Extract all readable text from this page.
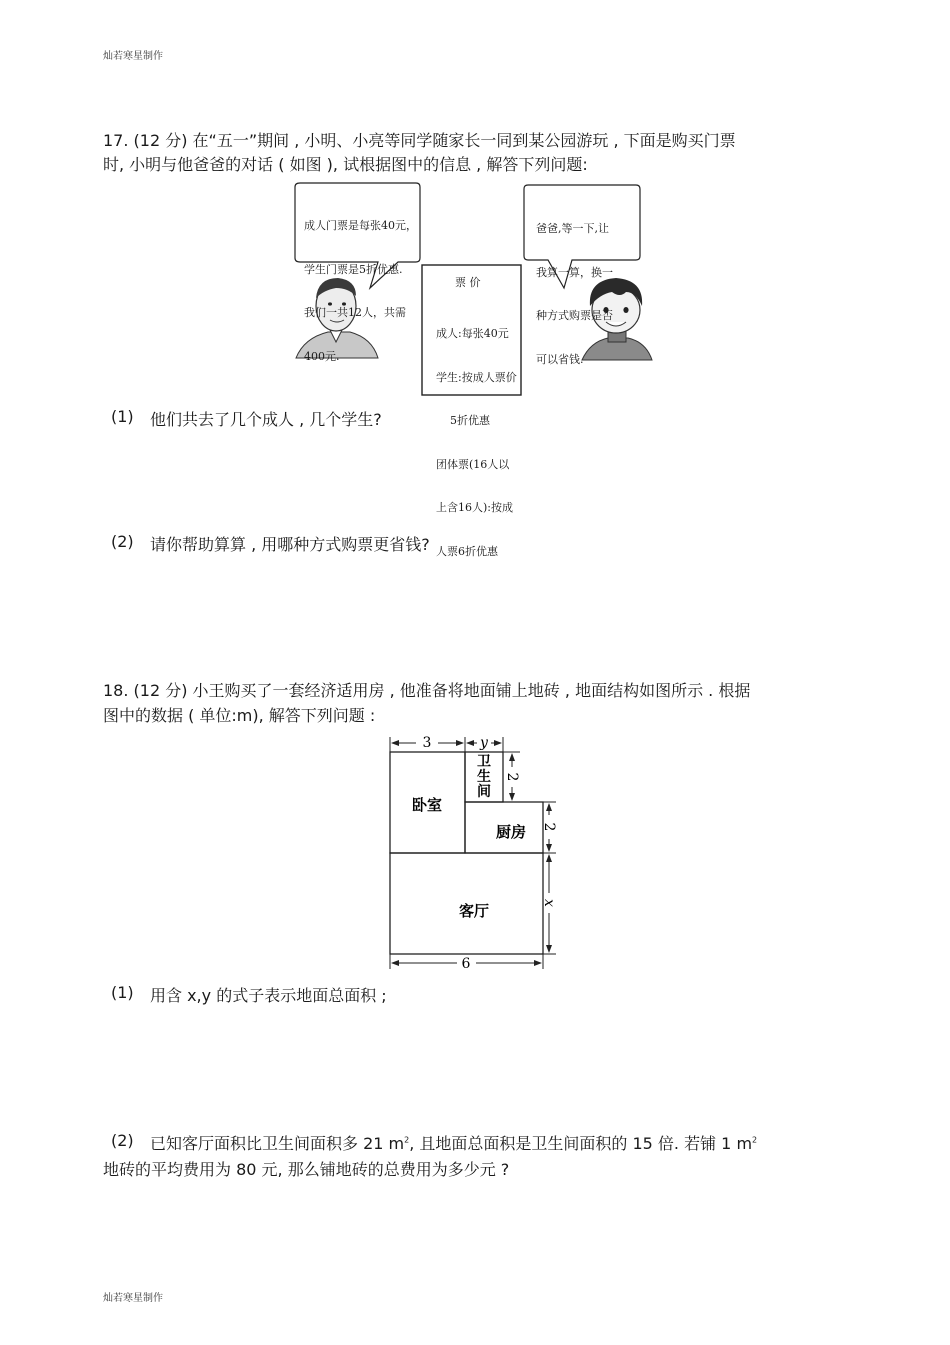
灿若寒星制作
灿若寒星制作
17. (12 分) 在“五一”期间 , 小明、小亮等同学随家长一同到某公园游玩 , 下面是购买门票
时, 小明与他爸爸的对话 ( 如图 ), 试根据图中的信息 , 解答下列问题:

成人门票是每张40元，

学生门票是5折优惠.

我们一共12人，共需

400元.

爸爸,等一下,让

我算一算，换一

种方式购票是否

可以省钱.

票 价

成人:每张40元

学生:按成人票价

5折优惠

团体票(16人以

上含16人):按成

人票6折优惠

(1) 他们共去了几个成人 , 几个学生?
(2) 请你帮助算算 , 用哪种方式购票更省钱?
18. (12 分) 小王购买了一套经济适用房 , 他准备将地面铺上地砖 , 地面结构如图所示 . 根据
图中的数据 ( 单位:m), 解答下列问题 :
3	y
2
2
x
6
卧室
卫
生
间
厨房
客厅
(1) 用含 x,y 的式子表示地面总面积 ;
(2) 已知客厅面积比卫生间面积多 21 $m^2$, 且地面总面积是卫生间面积的 15 倍. 若铺 1 $m^2$
地砖的平均费用为 80 元, 那么铺地砖的总费用为多少元 ?
